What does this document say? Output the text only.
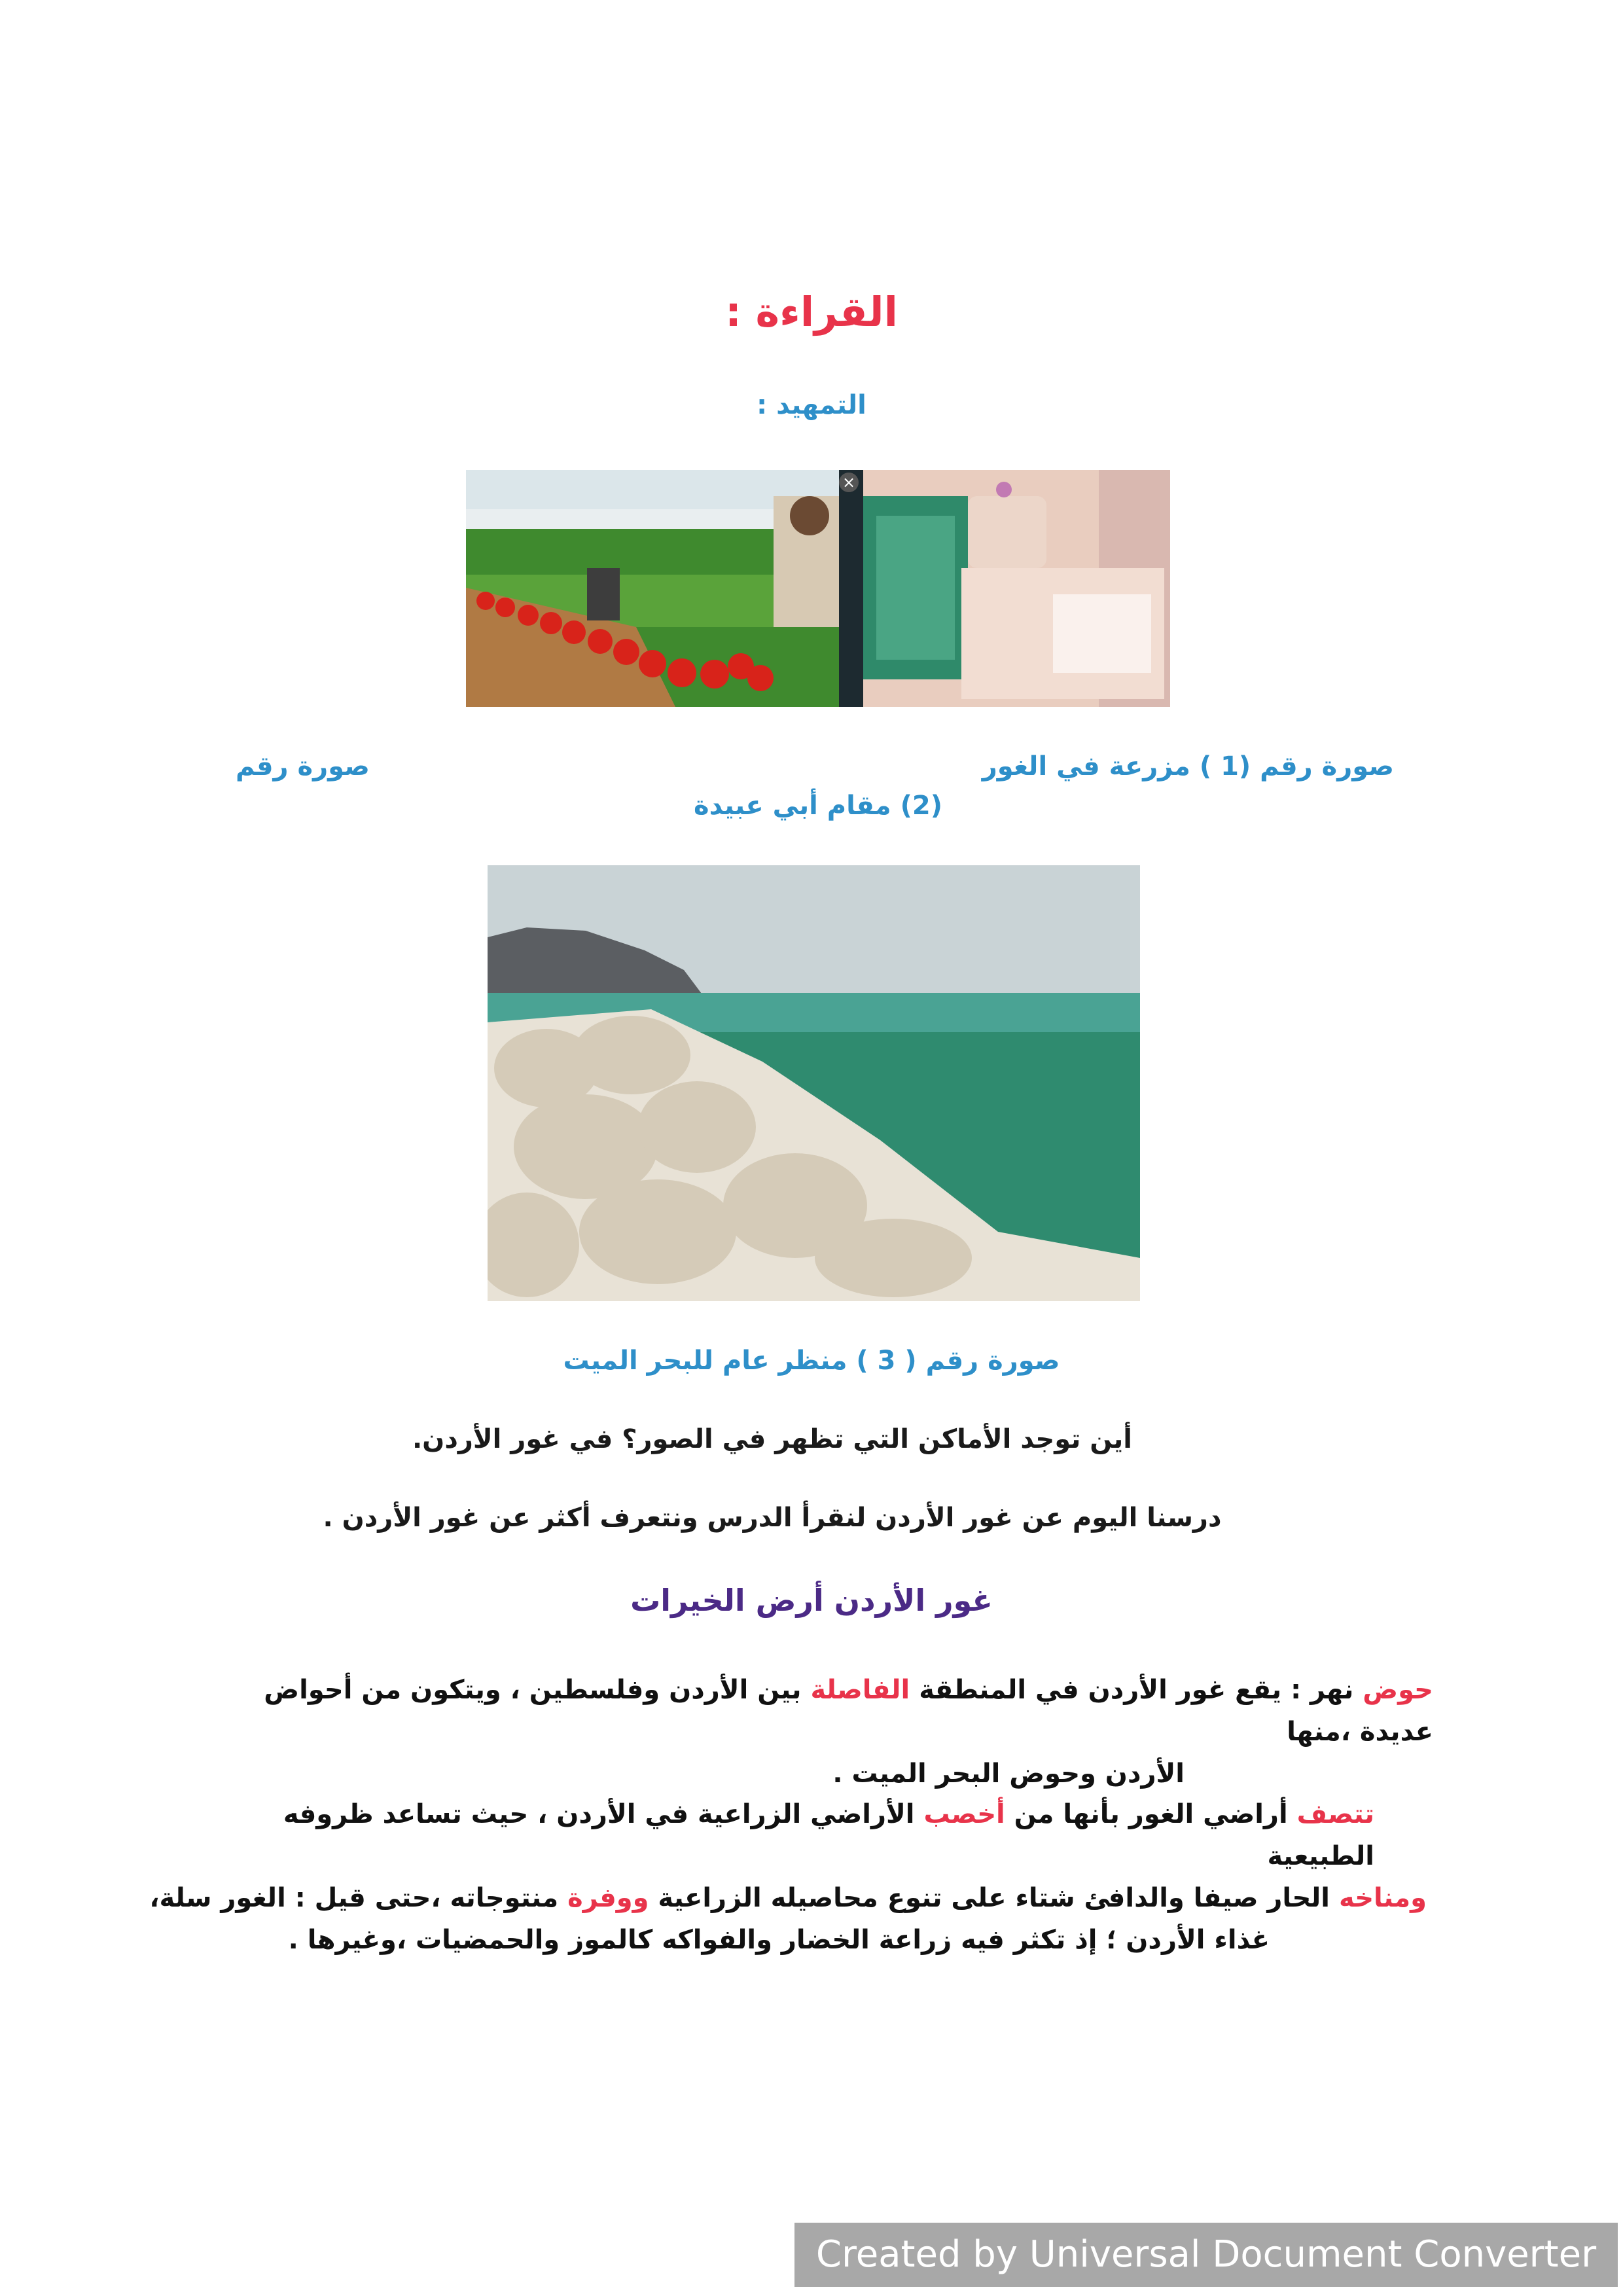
القراءة :
التمهيد :
×
صورة رقم (1 ) مزرعة في الغور
صورة رقم
(2) مقام أبي عبيدة
صورة رقم ( 3 ) منظر عام للبحر الميت
أين توجد الأماكن التي تظهر في الصور؟ في غور الأردن.
درسنا اليوم عن غور الأردن لنقرأ الدرس ونتعرف أكثر عن غور الأردن .
غور الأردن أرض الخيرات
حوض نهر : يقع غور الأردن في المنطقة الفاصلة بين الأردن وفلسطين ، ويتكون من أحواض عديدة ،منها
الأردن وحوض البحر الميت .
تتصف أراضي الغور بأنها من أخصب الأراضي الزراعية في الأردن ، حيث تساعد ظروفه الطبيعية
ومناخه الحار صيفا والدافئ شتاء على تنوع محاصيله الزراعية ووفرة منتوجاته ،حتى قيل : الغور سلة،
غذاء الأردن ؛ إذ تكثر فيه زراعة الخضار والفواكه كالموز والحمضيات ،وغيرها .
Created by Universal Document Converter
